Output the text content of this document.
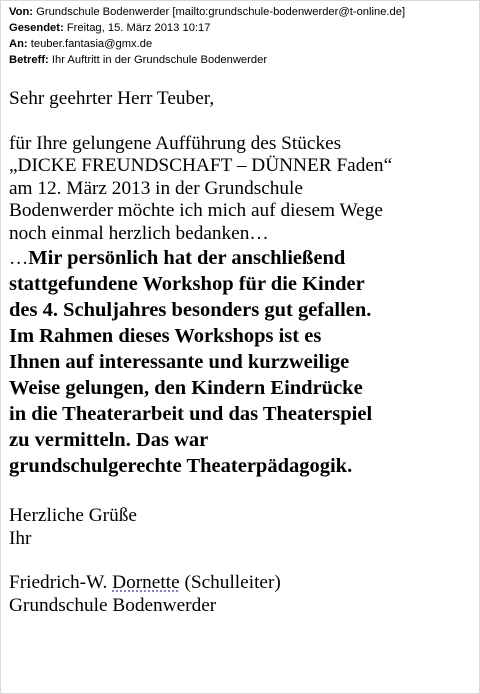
Von: Grundschule Bodenwerder [mailto:grundschule-bodenwerder@t-online.de]
Gesendet: Freitag, 15. März 2013 10:17
An: teuber.fantasia@gmx.de
Betreff: Ihr Auftritt in der Grundschule Bodenwerder
Sehr geehrter Herr Teuber,
für Ihre gelungene Aufführung des Stückes
„DICKE FREUNDSCHAFT – DÜNNER Faden“
am 12. März 2013 in der Grundschule
Bodenwerder möchte ich mich auf diesem Wege
noch einmal herzlich bedanken…
…Mir persönlich hat der anschließend
stattgefundene Workshop für die Kinder
des 4. Schuljahres besonders gut gefallen.
Im Rahmen dieses Workshops ist es
Ihnen auf interessante und kurzweilige
Weise gelungen, den Kindern Eindrücke
in die Theaterarbeit und das Theaterspiel
zu vermitteln. Das war
grundschulgerechte Theaterpädagogik.
Herzliche Grüße
Ihr
Friedrich-W. Dornette (Schulleiter)
Grundschule Bodenwerder
